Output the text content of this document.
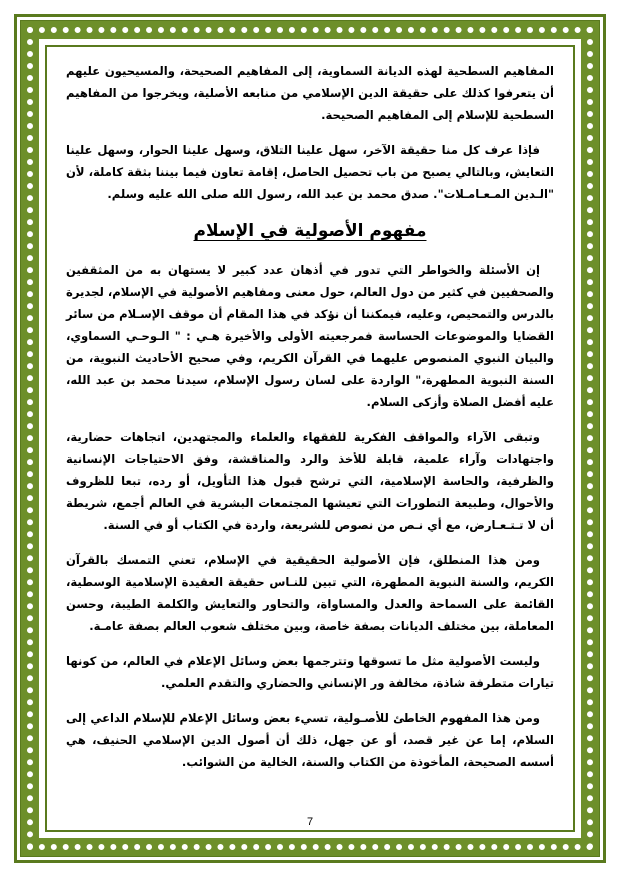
المفاهيم السطحية لهذه الديانة السماوية، إلى المفاهيم الصحيحة، والمسيحيون عليهم أن يتعرفوا كذلك على حقيقة الدين الإسلامي من منابعه الأصلية، ويخرجوا من المفاهيم السطحية للإسلام إلى المفاهيم الصحيحة.

فإذا عرف كل منا حقيقة الآخر، سهل علينا التلاق، وسهل علينا الحوار، وسهل علينا التعايش، وبالتالي يصبح من باب تحصيل الحاصل، إقامة تعاون فيما بيننا بثقة كاملة، لأن "الـدين المـعـامـلات". صدق محمد بن عبد الله، رسول الله صلى الله عليه وسلم.

مفهوم الأصولية في الإسلام

إن الأسئلة والخواطر التي تدور في أذهان عدد كبير لا يستهان به من المثقفين والصحفيين في كثير من دول العالم، حول معنى ومفاهيم الأصولية في الإسلام، لجديرة بالدرس والتمحيص، وعليه، فيمكننا أن نؤكد في هذا المقام أن موقف الإسـلام من سائر القضايا والموضوعات الحساسة فمرجعيته الأولى والأخيرة هـي : " الـوحـي السماوي، والبيان النبوي المنصوص عليهما في القرآن الكريم، وفي صحيح الأحاديث النبوية، من السنة النبوية المطهرة،" الواردة على لسان رسول الإسلام، سيدنا محمد بن عبد الله، عليه أفضل الصلاة وأزكى السلام.

وتبقى الآراء والمواقف الفكرية للفقهاء والعلماء والمجتهدين، اتجاهات حضارية، واجتهادات وآراء علمية، قابلة للأخذ والرد والمناقشة، وفق الاحتياجات الإنسانية والظرفية، والحاسة الإسلامية، التي ترشح قبول هذا التأويل، أو رده، تبعا للظروف والأحوال، وطبيعة التطورات التي تعيشها المجتمعات البشرية في العالم أجمع، شريطة أن لا تـتـعـارض، مع أي نـص من نصوص للشريعة، واردة في الكتاب أو في السنة.

ومن هذا المنطلق، فإن الأصولية الحقيقية في الإسلام، تعني التمسك بالقرآن الكريم، والسنة النبوية المطهرة، التي تبين للنـاس حقيقة العقيدة الإسلامية الوسطية، القائمة على السماحة والعدل والمساواة، والتحاور والتعايش والكلمة الطيبة، وحسن المعاملة، بين مختلف الديانات بصفة خاصة، وبين مختلف شعوب العالم بصفة عامـة.

وليست الأصولية مثل ما تسوقها وتترجمها بعض وسائل الإعلام في العالم، من كونها تيارات متطرفة شاذة، مخالفة ور الإنساني والحضاري والتقدم العلمي.

ومن هذا المفهوم الخاطئ للأصـولية، تسيء بعض وسائل الإعلام للإسلام الداعي إلى السلام، إما عن غير قصد، أو عن جهل، ذلك أن أصول الدين الإسلامي الحنيف، هي أسسه الصحيحة، المأخوذة من الكتاب والسنة، الخالية من الشوائب.

7
